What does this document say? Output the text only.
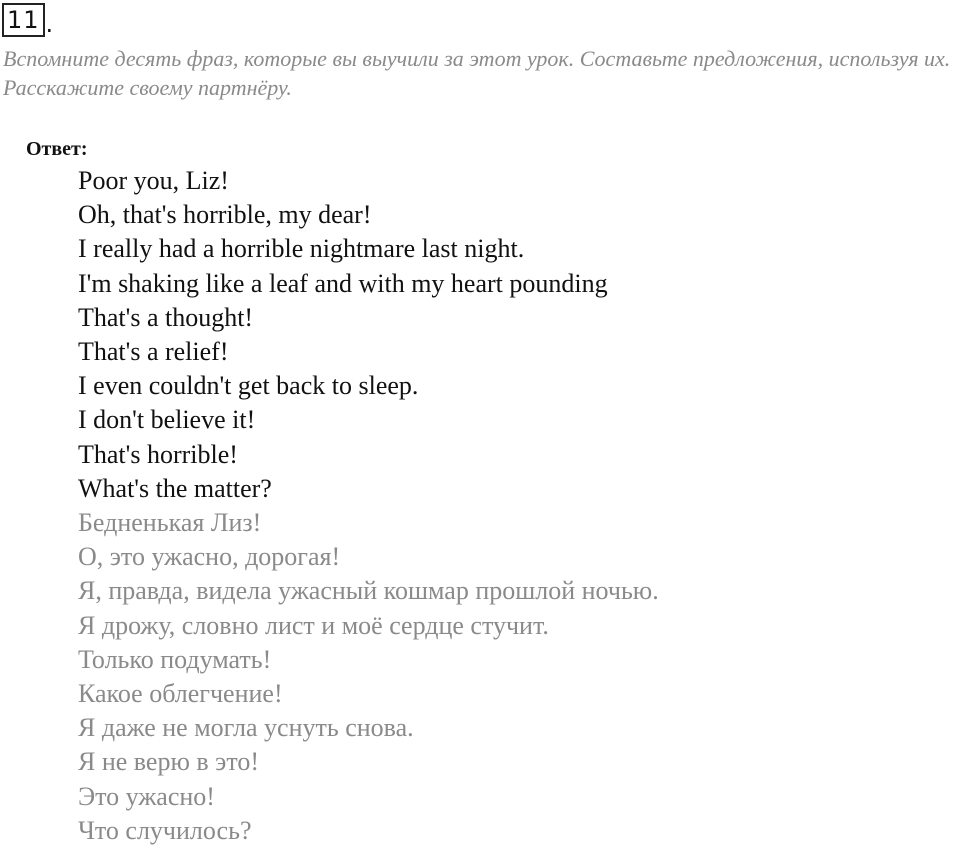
11 .

Вспомните десять фраз, которые вы выучили за этот урок. Составьте предложения, используя их. Расскажите своему партнёру.

Ответ:
Poor you, Liz!
Oh, that's horrible, my dear!
I really had a horrible nightmare last night.
I'm shaking like a leaf and with my heart pounding
That's a thought!
That's a relief!
I even couldn't get back to sleep.
I don't believe it!
That's horrible!
What's the matter?
Бедненькая Лиз!
О, это ужасно, дорогая!
Я, правда, видела ужасный кошмар прошлой ночью.
Я дрожу, словно лист и моё сердце стучит.
Только подумать!
Какое облегчение!
Я даже не могла уснуть снова.
Я не верю в это!
Это ужасно!
Что случилось?
